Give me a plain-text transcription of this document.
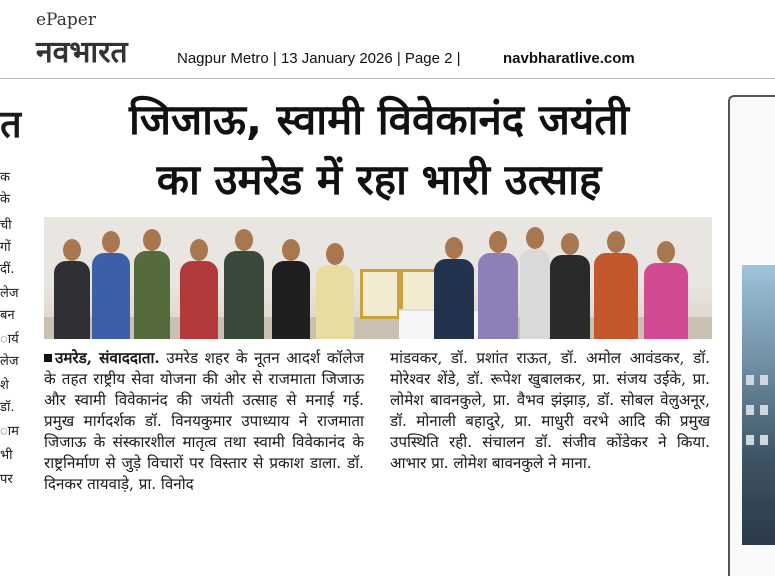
ePaper
नवभारत	Nagpur Metro | 13 January 2026 | Page 2 |	navbharatlive.com
त
क
के
ची
गों
दीं.
लेज
बन
ार्य
लेज
शे
डॉ.
ाम
भी
पर
जिजाऊ, स्वामी विवेकानंद जयंती
का उमरेड में रहा भारी उत्साह

उमरेड, संवाददाता. उमरेड शहर के नूतन आदर्श कॉलेज के तहत राष्ट्रीय सेवा योजना की ओर से राजमाता जिजाऊ और स्वामी विवेकानंद की जयंती उत्साह से मनाई गई. प्रमुख मार्गदर्शक डॉ. विनयकुमार उपाध्याय ने राजमाता जिजाऊ के संस्कारशील मातृत्व तथा स्वामी विवेकानंद के राष्ट्रनिर्माण से जुड़े विचारों पर विस्तार से प्रकाश डाला. डॉ. दिनकर तायवाड़े, प्रा. विनोद

मांडवकर, डॉ. प्रशांत राऊत, डॉ. अमोल आवंडकर, डॉ. मोरेश्वर शेंडे, डॉ. रूपेश खुबालकर, प्रा. संजय उईके, प्रा. लोमेश बावनकुले, प्रा. वैभव झंझाड़, डॉ. सोबल वेलुअनूर, डॉ. मोनाली बहादुरे, प्रा. माधुरी वरभे आदि की प्रमुख उपस्थिति रही. संचालन डॉ. संजीव कोंडेकर ने किया. आभार प्रा. लोमेश बावनकुले ने माना.
